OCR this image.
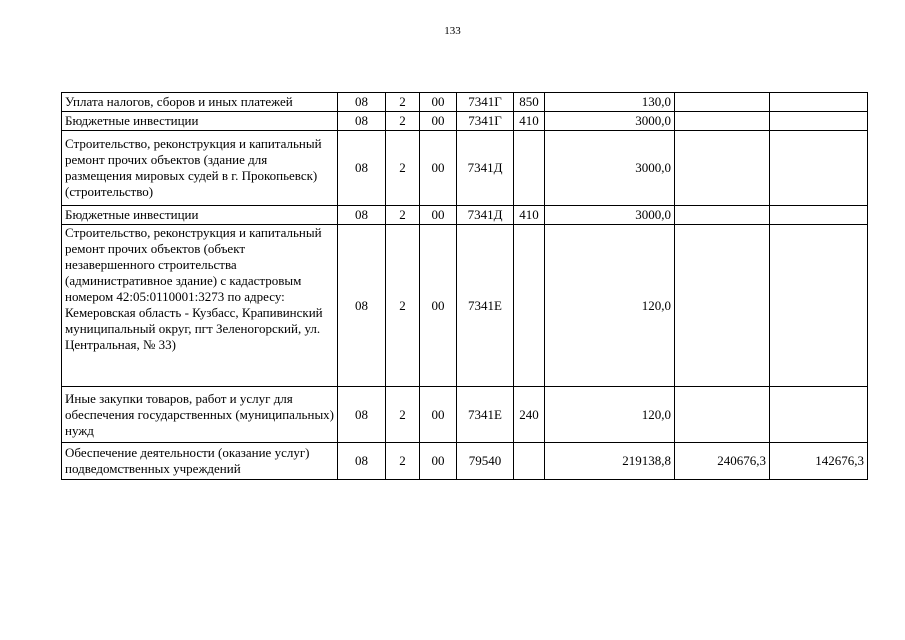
133
Уплата налогов, сборов и иных платежей	08	2	00	7341Г	850	130,0		
Бюджетные инвестиции	08	2	00	7341Г	410	3000,0		
Строительство, реконструкция и капитальный ремонт прочих объектов (здание для размещения мировых судей в г. Прокопьевск) (строительство)	08	2	00	7341Д		3000,0		
Бюджетные инвестиции	08	2	00	7341Д	410	3000,0		
Строительство, реконструкция и капитальный ремонт прочих объектов (объект незавершенного строительства (административное здание) с кадастровым номером 42:05:0110001:3273 по адресу: Кемеровская область - Кузбасс, Крапивинский муниципальный округ, пгт Зеленогорский, ул. Центральная, № 33)	08	2	00	7341Е		120,0		
Иные закупки товаров, работ и услуг для обеспечения государственных (муниципальных) нужд	08	2	00	7341Е	240	120,0		
Обеспечение деятельности (оказание услуг) подведомственных учреждений	08	2	00	79540		219138,8	240676,3	142676,3
